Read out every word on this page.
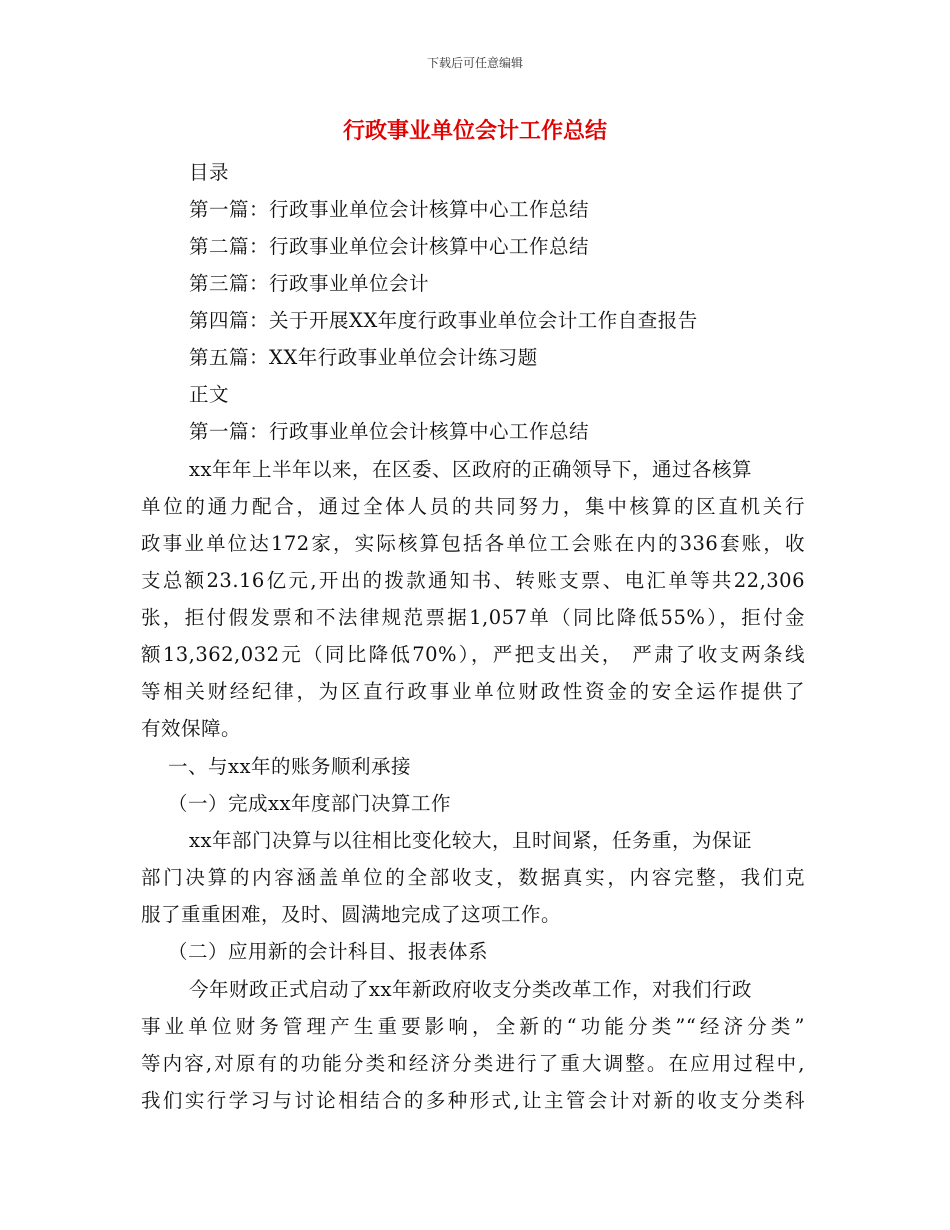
下载后可任意编辑
行政事业单位会计工作总结
目录
第一篇：行政事业单位会计核算中心工作总结
第二篇：行政事业单位会计核算中心工作总结
第三篇：行政事业单位会计
第四篇：关于开展XX年度行政事业单位会计工作自查报告
第五篇：XX年行政事业单位会计练习题
正文
第一篇：行政事业单位会计核算中心工作总结
xx年年上半年以来，在区委、区政府的正确领导下，通过各核算
单位的通力配合，通过全体人员的共同努力，集中核算的区直机关行
政事业单位达172家，实际核算包括各单位工会账在内的336套账，收
支总额23.16亿元,开出的拨款通知书、转账支票、电汇单等共22,306
张，拒付假发票和不法律规范票据1,057单（同比降低55%），拒付金
额13,362,032元（同比降低70%），严把支出关， 严肃了收支两条线
等相关财经纪律，为区直行政事业单位财政性资金的安全运作提供了
有效保障。
一、与xx年的账务顺利承接
（一）完成xx年度部门决算工作
xx年部门决算与以往相比变化较大，且时间紧，任务重，为保证
部门决算的内容涵盖单位的全部收支，数据真实，内容完整，我们克
服了重重困难，及时、圆满地完成了这项工作。
（二）应用新的会计科目、报表体系
今年财政正式启动了xx年新政府收支分类改革工作，对我们行政
事业单位财务管理产生重要影响，全新的“功能分类”“经济分类”
等内容,对原有的功能分类和经济分类进行了重大调整。在应用过程中,
我们实行学习与讨论相结合的多种形式,让主管会计对新的收支分类科
